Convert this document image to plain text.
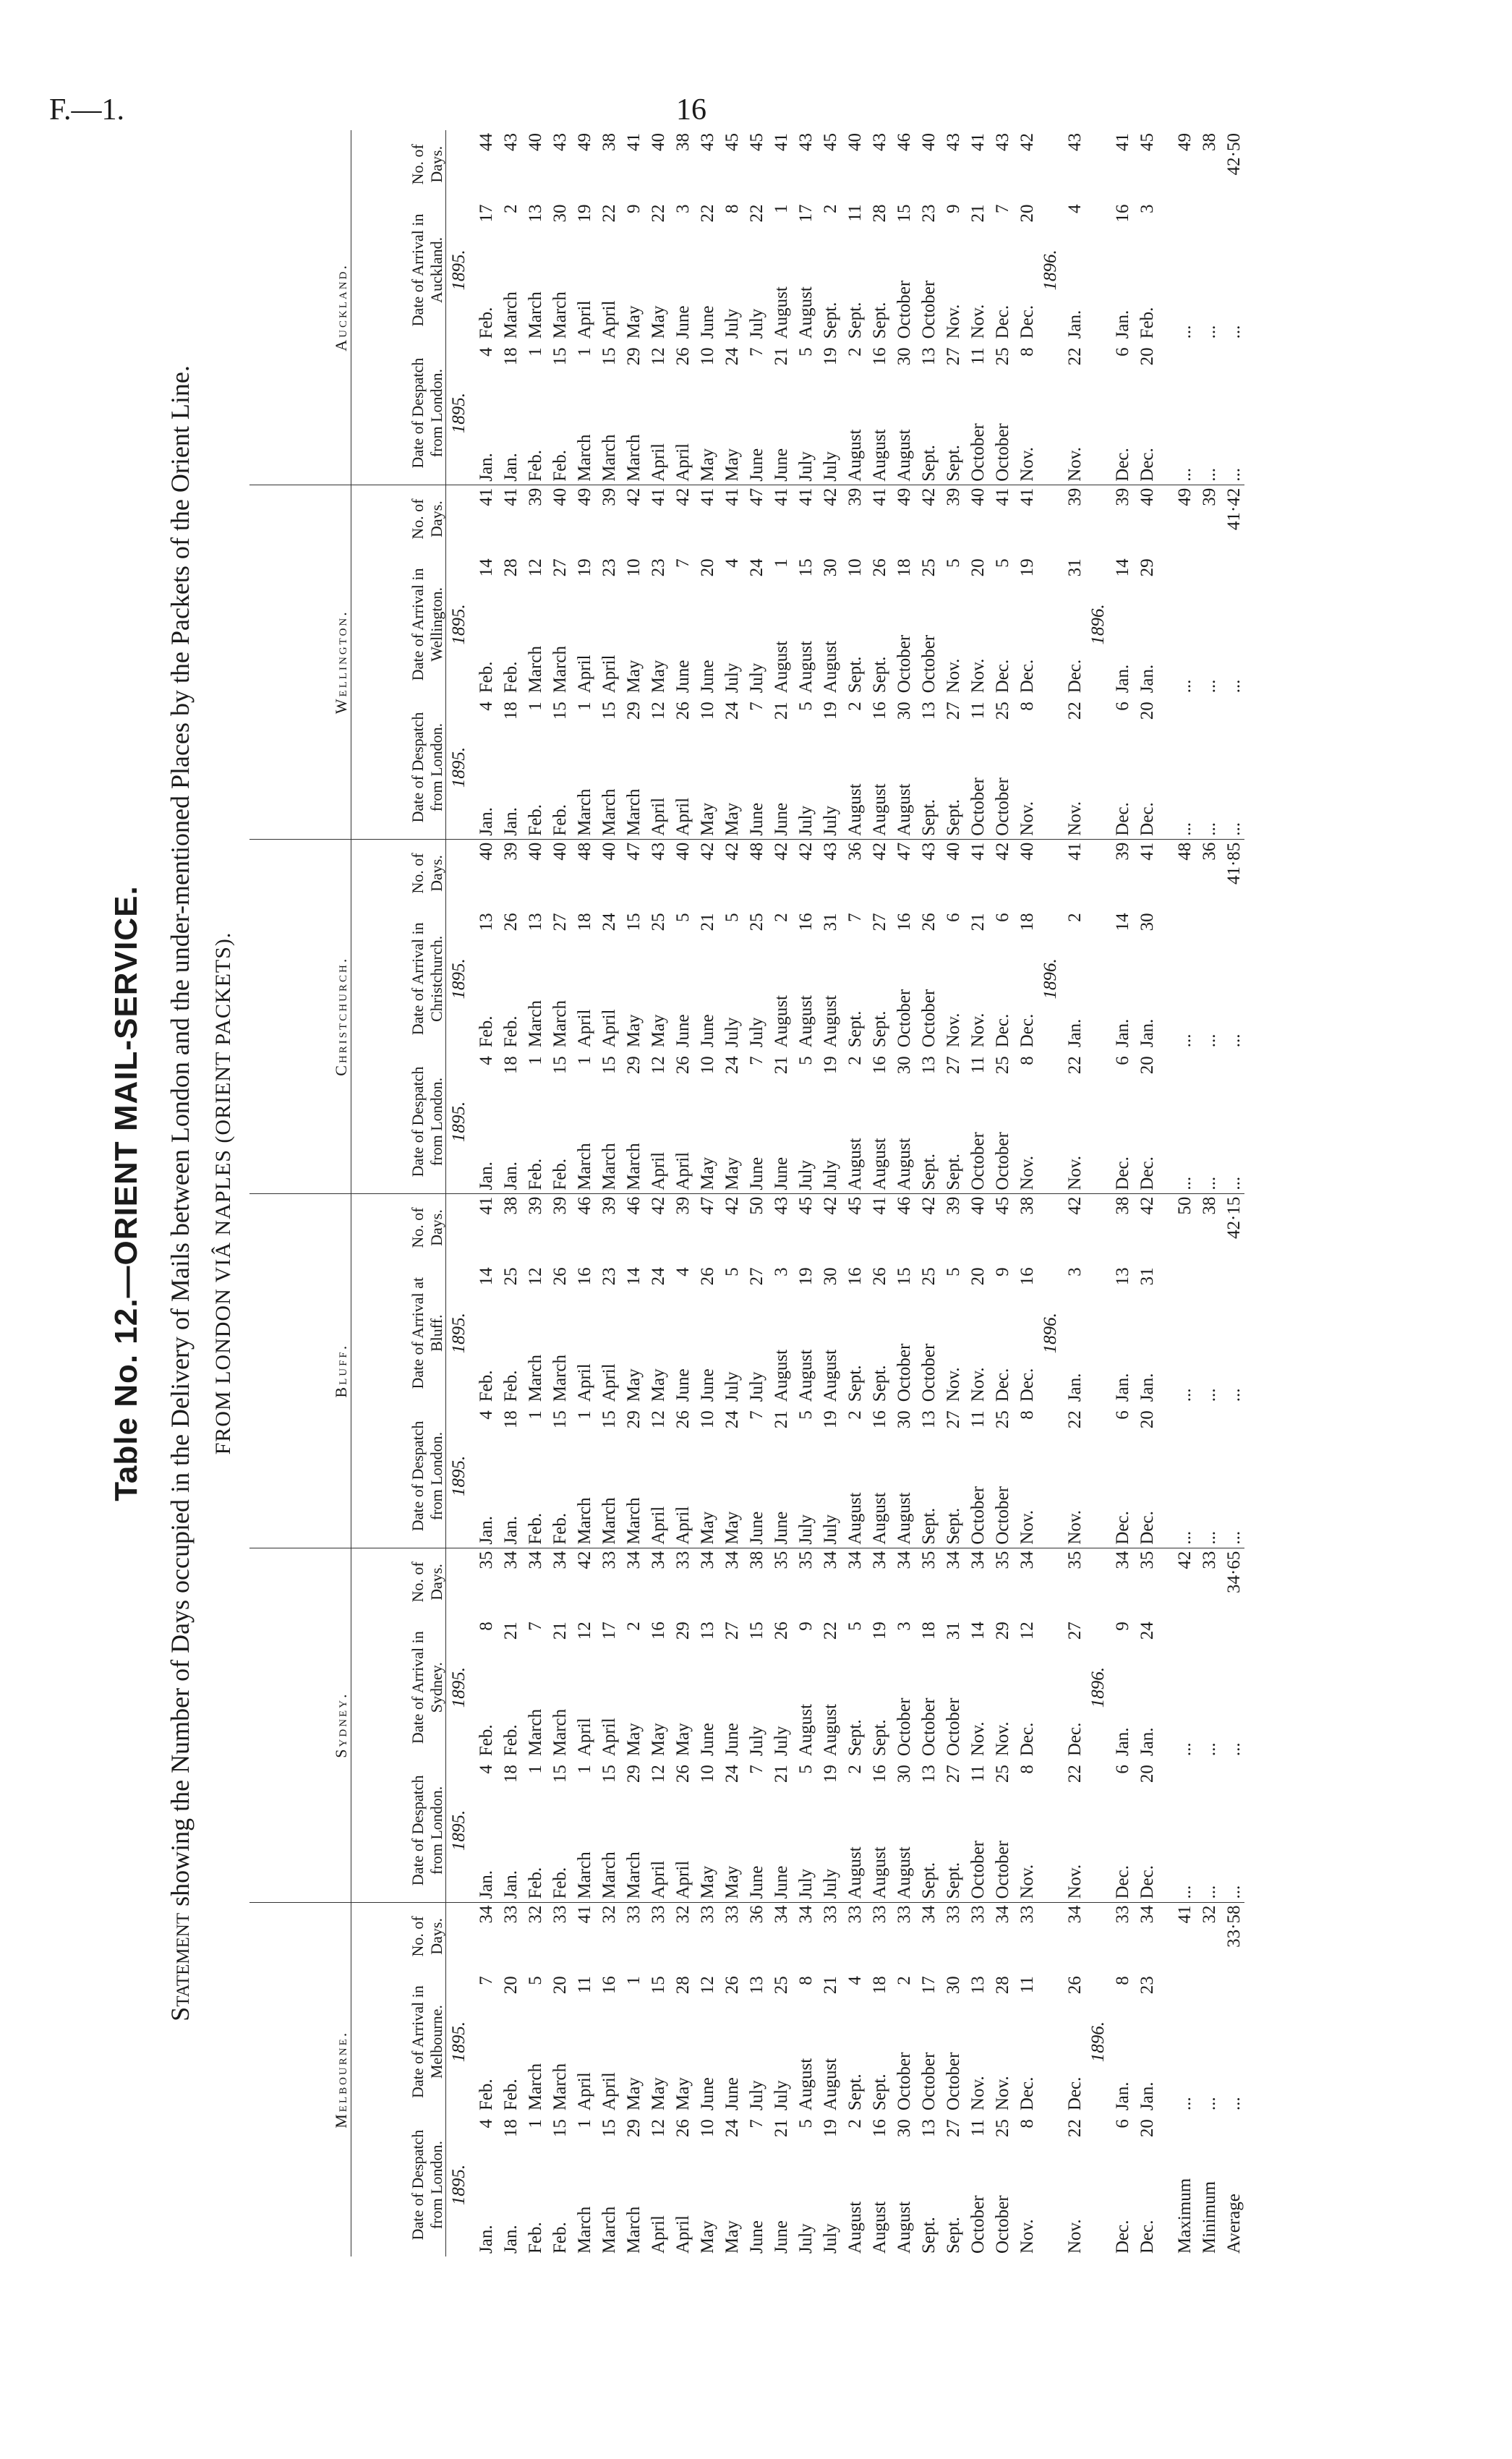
F.—1.	16
Table No. 12.—ORIENT MAIL-SERVICE.
Statement showing the Number of Days occupied in the Delivery of Mails between London and the under-mentioned Places by the Packets of the Orient Line. FROM LONDON VIÂ NAPLES (ORIENT PACKETS).
Melbourne.					Sydney.					Bluff.					Christchurch.					Wellington.					Auckland.				
Date of Despatch from London.		Date of Arrival in Melbourne.		No. of Days.	Date of Despatch from London.		Date of Arrival in Sydney.		No. of Days.	Date of Despatch from London.		Date of Arrival at Bluff.		No. of Days.	Date of Despatch from London.		Date of Arrival in Christchurch.		No. of Days.	Date of Despatch from London.		Date of Arrival in Wellington.		No. of Days.	Date of Despatch from London.		Date of Arrival in Auckland.		No. of Days.
1895.		1895.			1895.		1895.			1895.		1895.			1895.		1895.			1895.		1895.			1895.		1895.		
Jan.	4	Feb.	7	34	Jan.	4	Feb.	8	35	Jan.	4	Feb.	14	41	Jan.	4	Feb.	13	40	Jan.	4	Feb.	14	41	Jan.	4	Feb.	17	44
Jan.	18	Feb.	20	33	Jan.	18	Feb.	21	34	Jan.	18	Feb.	25	38	Jan.	18	Feb.	26	39	Jan.	18	Feb.	28	41	Jan.	18	March	2	43
Feb.	1	March	5	32	Feb.	1	March	7	34	Feb.	1	March	12	39	Feb.	1	March	13	40	Feb.	1	March	12	39	Feb.	1	March	13	40
Feb.	15	March	20	33	Feb.	15	March	21	34	Feb.	15	March	26	39	Feb.	15	March	27	40	Feb.	15	March	27	40	Feb.	15	March	30	43
March	1	April	11	41	March	1	April	12	42	March	1	April	16	46	March	1	April	18	48	March	1	April	19	49	March	1	April	19	49
March	15	April	16	32	March	15	April	17	33	March	15	April	23	39	March	15	April	24	40	March	15	April	23	39	March	15	April	22	38
March	29	May	1	33	March	29	May	2	34	March	29	May	14	46	March	29	May	15	47	March	29	May	10	42	March	29	May	9	41
April	12	May	15	33	April	12	May	16	34	April	12	May	24	42	April	12	May	25	43	April	12	May	23	41	April	12	May	22	40
April	26	May	28	32	April	26	May	29	33	April	26	June	4	39	April	26	June	5	40	April	26	June	7	42	April	26	June	3	38
May	10	June	12	33	May	10	June	13	34	May	10	June	26	47	May	10	June	21	42	May	10	June	20	41	May	10	June	22	43
May	24	June	26	33	May	24	June	27	34	May	24	July	5	42	May	24	July	5	42	May	24	July	4	41	May	24	July	8	45
June	7	July	13	36	June	7	July	15	38	June	7	July	27	50	June	7	July	25	48	June	7	July	24	47	June	7	July	22	45
June	21	July	25	34	June	21	July	26	35	June	21	August	3	43	June	21	August	2	42	June	21	August	1	41	June	21	August	1	41
July	5	August	8	34	July	5	August	9	35	July	5	August	19	45	July	5	August	16	42	July	5	August	15	41	July	5	August	17	43
July	19	August	21	33	July	19	August	22	34	July	19	August	30	42	July	19	August	31	43	July	19	August	30	42	July	19	Sept.	2	45
August	2	Sept.	4	33	August	2	Sept.	5	34	August	2	Sept.	16	45	August	2	Sept.	7	36	August	2	Sept.	10	39	August	2	Sept.	11	40
August	16	Sept.	18	33	August	16	Sept.	19	34	August	16	Sept.	26	41	August	16	Sept.	27	42	August	16	Sept.	26	41	August	16	Sept.	28	43
August	30	October	2	33	August	30	October	3	34	August	30	October	15	46	August	30	October	16	47	August	30	October	18	49	August	30	October	15	46
Sept.	13	October	17	34	Sept.	13	October	18	35	Sept.	13	October	25	42	Sept.	13	October	26	43	Sept.	13	October	25	42	Sept.	13	October	23	40
Sept.	27	October	30	33	Sept.	27	October	31	34	Sept.	27	Nov.	5	39	Sept.	27	Nov.	6	40	Sept.	27	Nov.	5	39	Sept.	27	Nov.	9	43
October	11	Nov.	13	33	October	11	Nov.	14	34	October	11	Nov.	20	40	October	11	Nov.	21	41	October	11	Nov.	20	40	October	11	Nov.	21	41
October	25	Nov.	28	34	October	25	Nov.	29	35	October	25	Dec.	9	45	October	25	Dec.	6	42	October	25	Dec.	5	41	October	25	Dec.	7	43
Nov.	8	Dec.	11	33	Nov.	8	Dec.	12	34	Nov.	8	Dec.	16	38	Nov.	8	Dec.	18	40	Nov.	8	Dec.	19	41	Nov.	8	Dec.	20	42
												1896.					1896.										1896.		
Nov.	22	Dec.	26	34	Nov.	22	Dec.	27	35	Nov.	22	Jan.	3	42	Nov.	22	Jan.	2	41	Nov.	22	Dec.	31	39	Nov.	22	Jan.	4	43
		1896.					1896.															1896.							
Dec.	6	Jan.	8	33	Dec.	6	Jan.	9	34	Dec.	6	Jan.	13	38	Dec.	6	Jan.	14	39	Dec.	6	Jan.	14	39	Dec.	6	Jan.	16	41
Dec.	20	Jan.	23	34	Dec.	20	Jan.	24	35	Dec.	20	Jan.	31	42	Dec.	20	Jan.	30	41	Dec.	20	Jan.	29	40	Dec.	20	Feb.	3	45

Maximum		...		41	...		...		42	...		...		50	...		...		48	...		...		49	...		...		49
Minimum		...		32	...		...		33	...		...		38	...		...		36	...		...		39	...		...		38
Average		...		33·58	...		...		34·65	...		...		42·15	...		...		41·85	...		...		41·42	...		...		42·50
